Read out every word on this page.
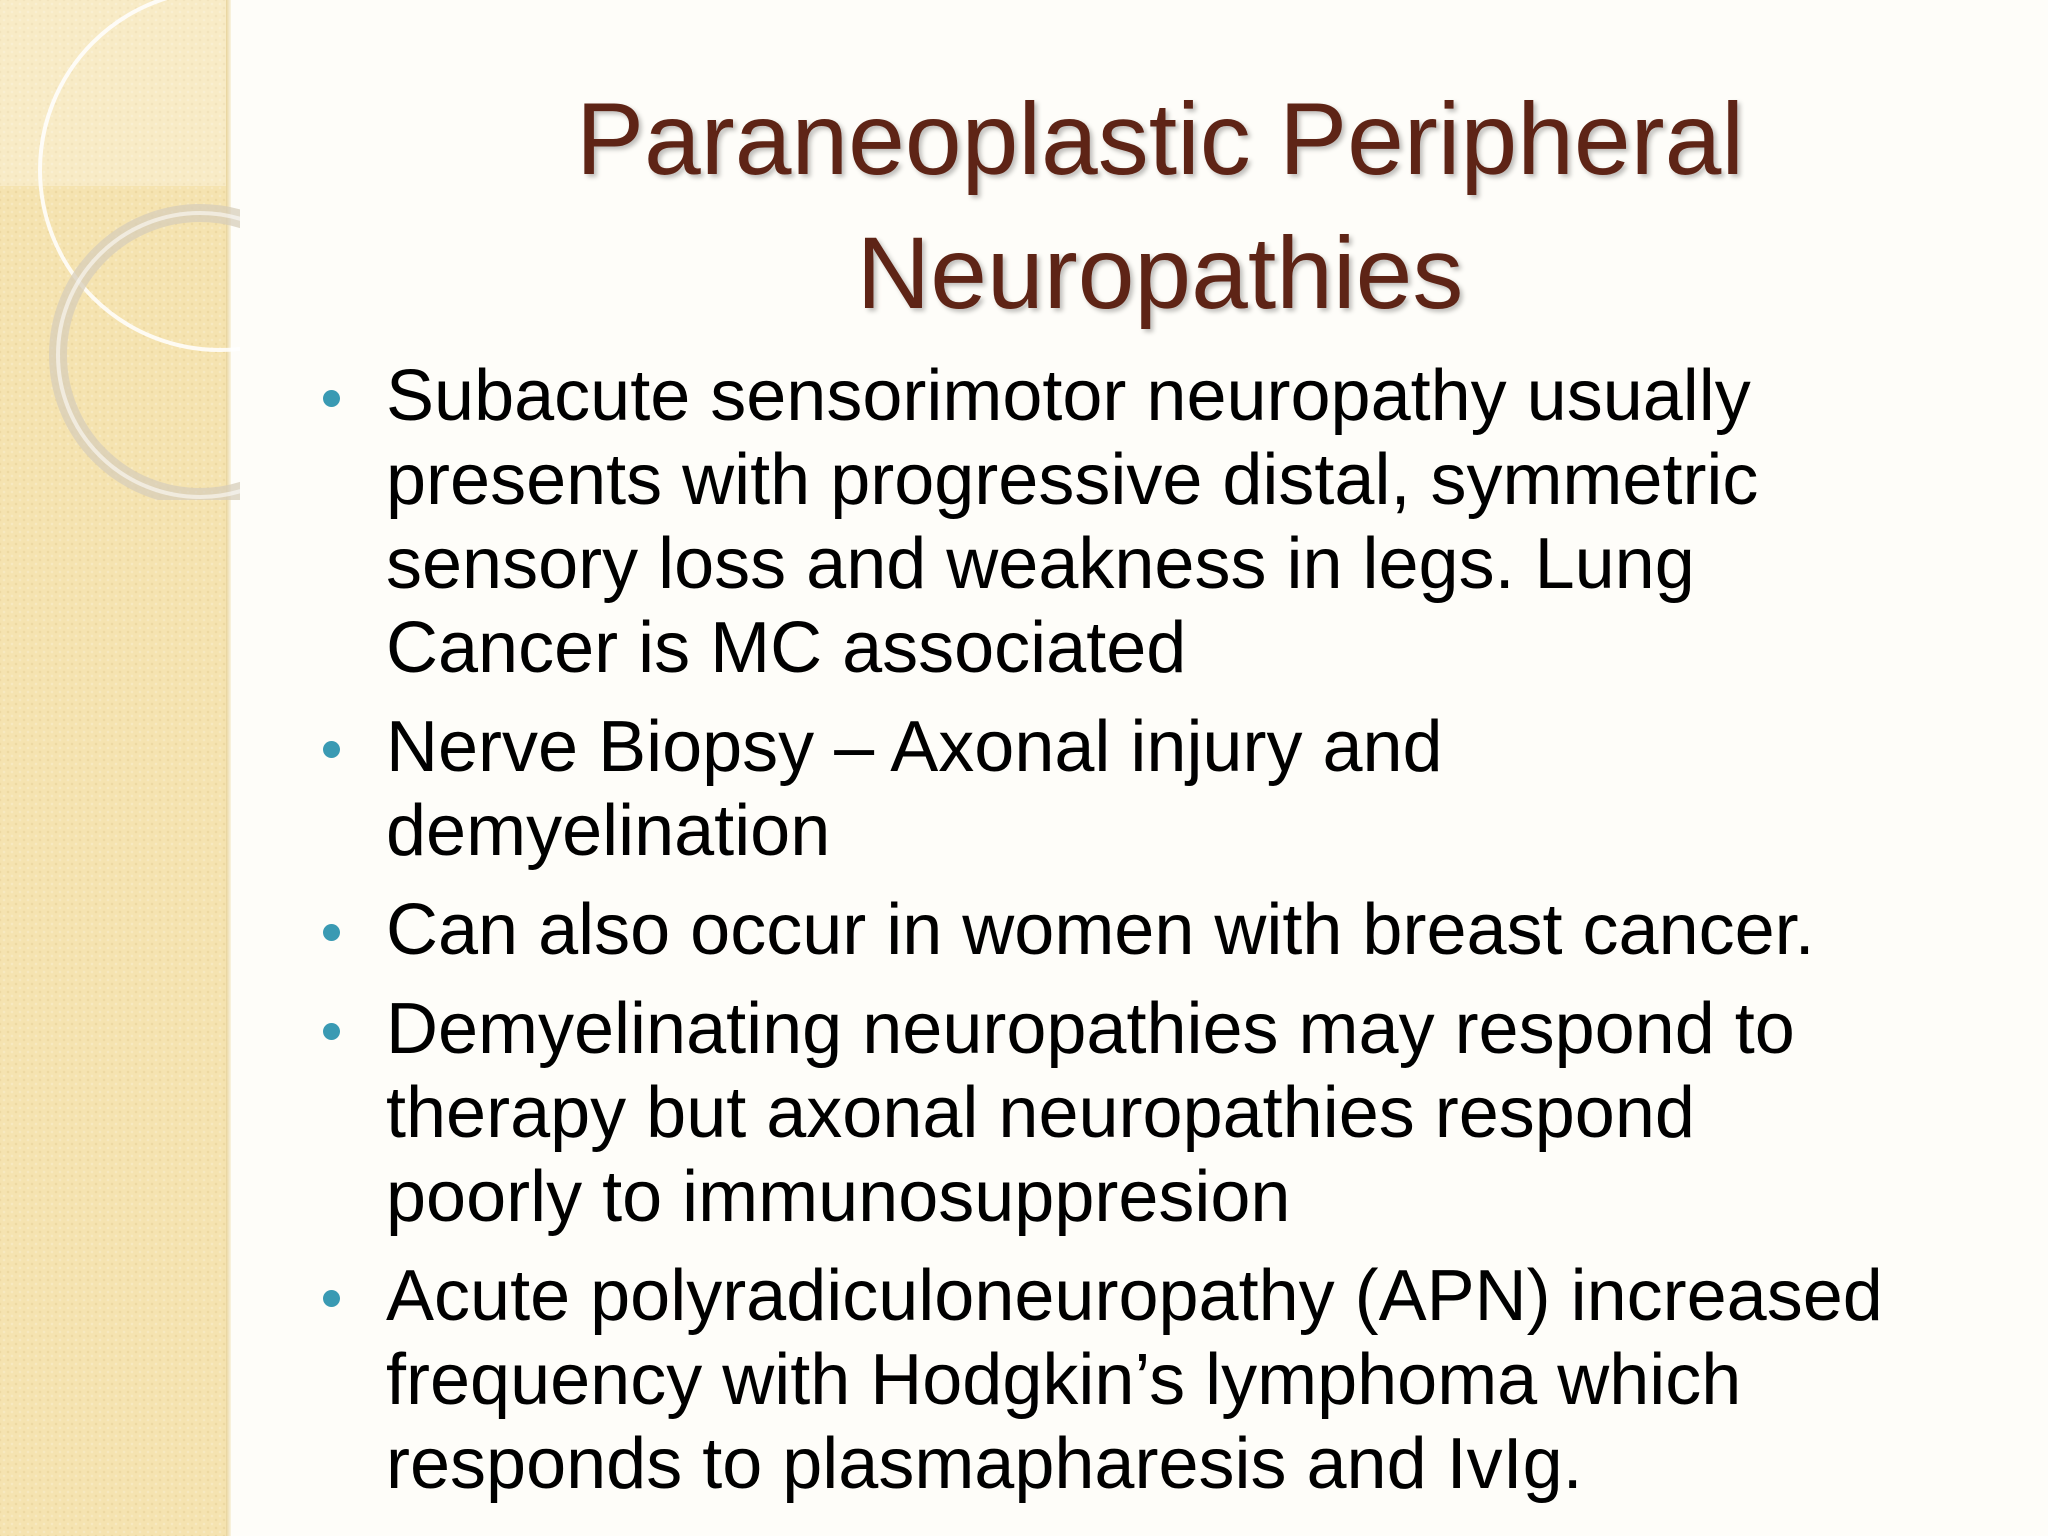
Paraneoplastic Peripheral
Neuropathies
Subacute sensorimotor neuropathy usually
presents with progressive distal, symmetric
sensory loss and weakness in legs. Lung
Cancer is MC associated
Nerve Biopsy – Axonal injury and
demyelination
Can also occur in women with breast cancer.
Demyelinating neuropathies may respond to
therapy but axonal neuropathies respond
poorly to immunosuppresion
Acute polyradiculoneuropathy (APN) increased
frequency with Hodgkin’s lymphoma which
responds to plasmapharesis and IvIg.
